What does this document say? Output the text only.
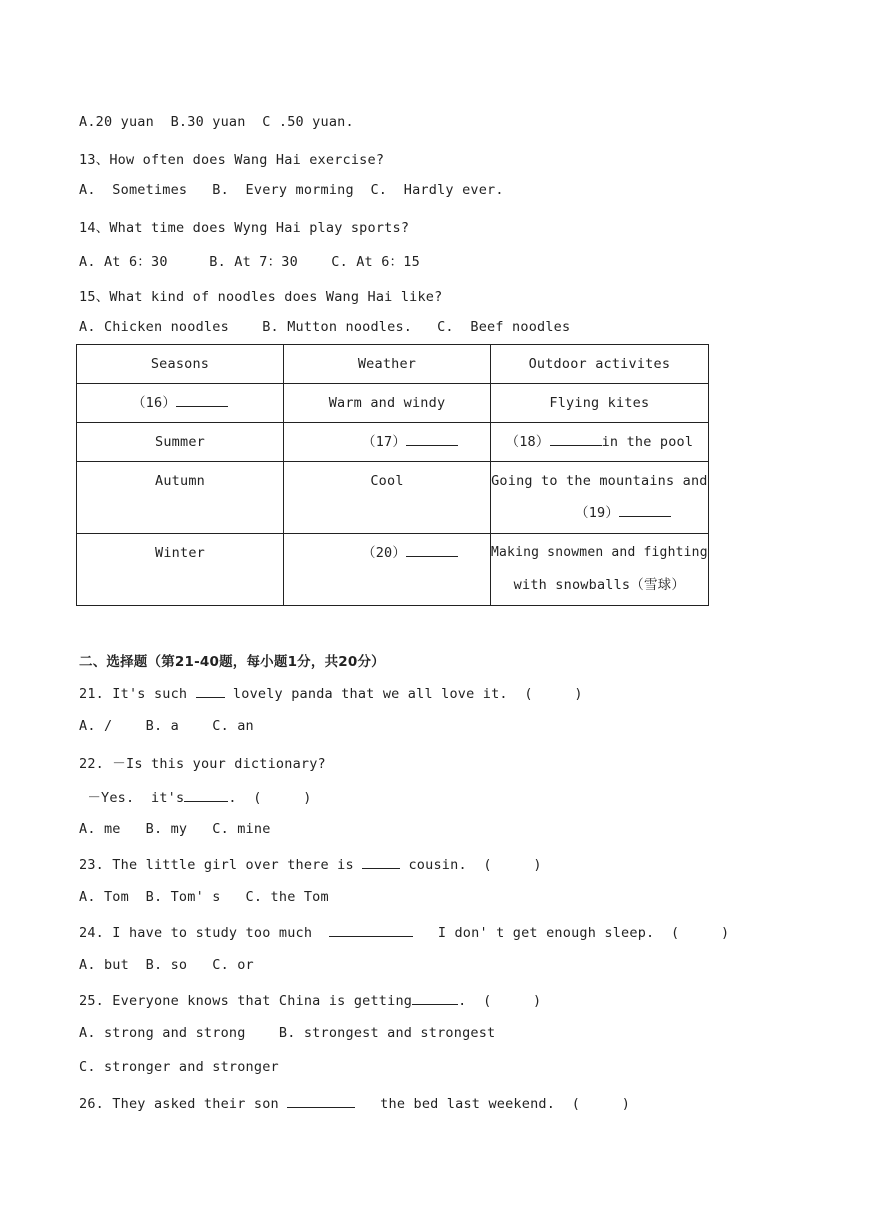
A.20 yuan  B.30 yuan  C .50 yuan.
13、How often does Wang Hai exercise?
A.  Sometimes   B.  Every morming  C.  Hardly ever.
14、What time does Wyng Hai play sports?
A. At 6：30     B. At 7：30    C. At 6：15
15、What kind of noodles does Wang Hai like?
A. Chicken noodles    B. Mutton noodles.   C.  Beef noodles
Seasons	Weather	Outdoor activites

（16）	Warm and windy	Flying kites

Summer	（17）	（18） in the pool

Autumn	Cool	Going to the mountains and
（19）

Winter	（20）	Making snowmen and fighting
with snowballs（雪球）
二、选择题（第21-40题，每小题1分，共20分）
21. It's such  lovely panda that we all love it.  (     )
A. /    B. a    C. an
22. －Is this your dictionary?
－Yes.  it's	.  (     )
A. me   B. my   C. mine
23. The little girl over there is	cousin.  (     )
A. Tom  B. Tom' s   C. the Tom
24. I have to study too much	I don' t get enough sleep.  (     )
A. but  B. so   C. or
25. Everyone knows that China is getting	.  (     )
A. strong and strong    B. strongest and strongest
C. stronger and stronger
26. They asked their son	the bed last weekend.  (     )
